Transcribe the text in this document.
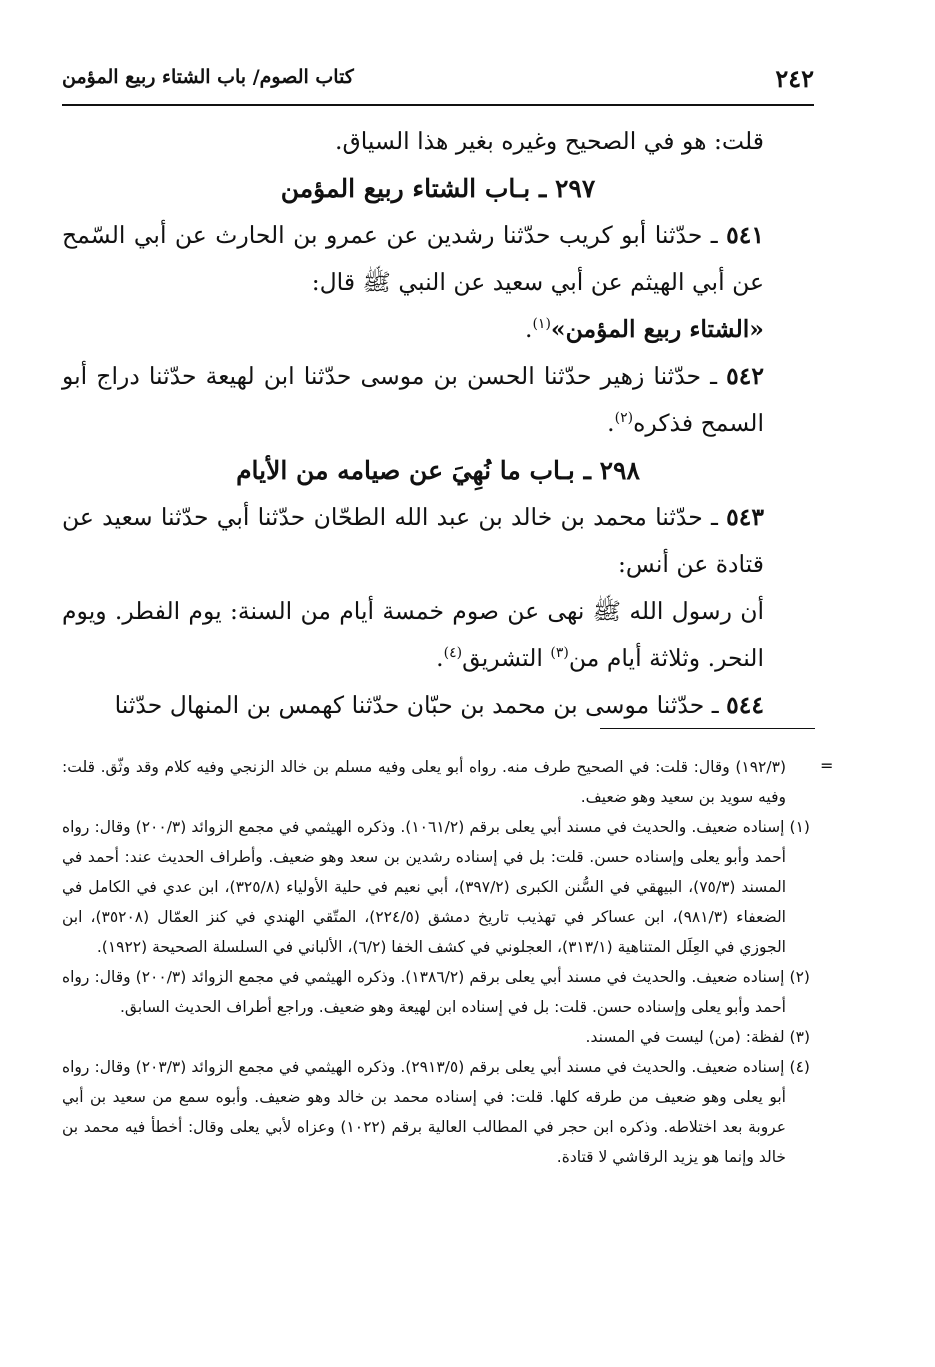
٢٤٢
كتاب الصوم/ باب الشتاء ربيع المؤمن

قلت: هو في الصحيح وغيره بغير هذا السياق.

٢٩٧ ـ بـاب الشتاء ربيع المؤمن

٥٤١ ـ حدّثنا أبو كريب حدّثنا رشدين عن عمرو بن الحارث عن أبي السّمح عن أبي الهيثم عن أبي سعيد عن النبي ﷺ قال:

«الشتاء ربيع المؤمن»$^{(١)}$.

٥٤٢ ـ حدّثنا زهير حدّثنا الحسن بن موسى حدّثنا ابن لهيعة حدّثنا دراج أبو السمح فذكره$^{(٢)}$.

٢٩٨ ـ بـاب ما نُهِيَ عن صيامه من الأيام

٥٤٣ ـ حدّثنا محمد بن خالد بن عبد الله الطحّان حدّثنا أبي حدّثنا سعيد عن قتادة عن أنس:

أن رسول الله ﷺ نهى عن صوم خمسة أيام من السنة: يوم الفطر. ويوم النحر. وثلاثة أيام من$^{(٣)}$ التشريق$^{(٤)}$.

٥٤٤ ـ حدّثنا موسى بن محمد بن حبّان حدّثنا كهمس بن المنهال حدّثنا

=

(١٩٢/٣) وقال: قلت: في الصحيح طرف منه. رواه أبو يعلى وفيه مسلم بن خالد الزنجي وفيه كلام وقد وثّق. قلت: وفيه سويد بن سعيد وهو ضعيف.

(١) إسناده ضعيف. والحديث في مسند أبي يعلى برقم (١٠٦١/٢). وذكره الهيثمي في مجمع الزوائد (٢٠٠/٣) وقال: رواه أحمد وأبو يعلى وإسناده حسن. قلت: بل في إسناده رشدين بن سعد وهو ضعيف. وأطراف الحديث عند: أحمد في المسند (٧٥/٣)، البيهقي في السُّنن الكبرى (٣٩٧/٢)، أبي نعيم في حلية الأولياء (٣٢٥/٨)، ابن عدي في الكامل في الضعفاء (٩٨١/٣)، ابن عساكر في تهذيب تاريخ دمشق (٢٢٤/٥)، المتّقي الهندي في كنز العمّال (٣٥٢٠٨)، ابن الجوزي في العِلَل المتناهية (٣١٣/١)، العجلوني في كشف الخفا (٦/٢)، الألباني في السلسلة الصحيحة (١٩٢٢).

(٢) إسناده ضعيف. والحديث في مسند أبي يعلى برقم (١٣٨٦/٢). وذكره الهيثمي في مجمع الزوائد (٢٠٠/٣) وقال: رواه أحمد وأبو يعلى وإسناده حسن. قلت: بل في إسناده ابن لهيعة وهو ضعيف. وراجع أطراف الحديث السابق.

(٣) لفظة: (من) ليست في المسند.

(٤) إسناده ضعيف. والحديث في مسند أبي يعلى برقم (٢٩١٣/٥). وذكره الهيثمي في مجمع الزوائد (٢٠٣/٣) وقال: رواه أبو يعلى وهو ضعيف من طرقه كلها. قلت: في إسناده محمد بن خالد وهو ضعيف. وأبوه سمع من سعيد بن أبي عروبة بعد اختلاطه. وذكره ابن حجر في المطالب العالية برقم (١٠٢٢) وعزاه لأبي يعلى وقال: أخطأ فيه محمد بن خالد وإنما هو يزيد الرقاشي لا قتادة.
